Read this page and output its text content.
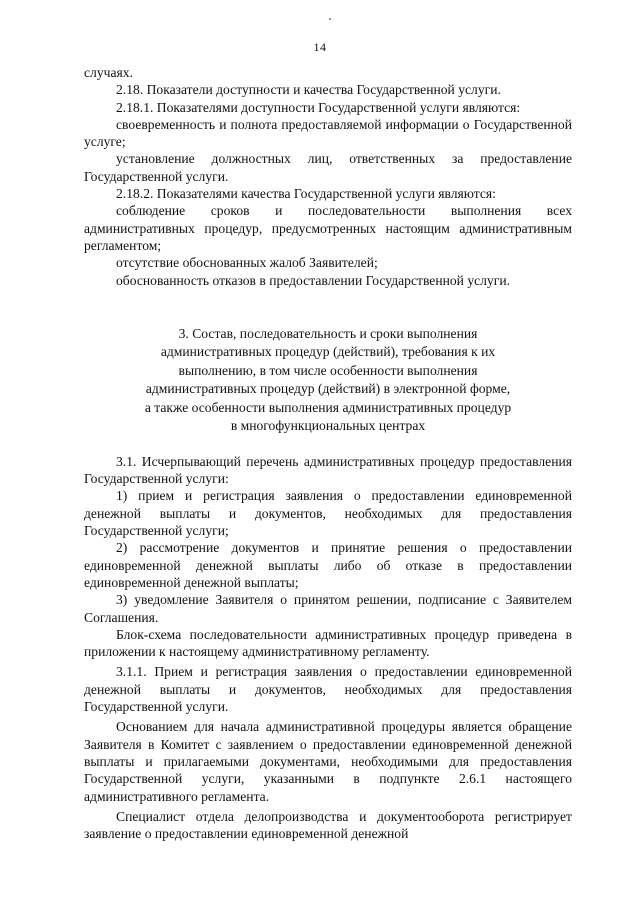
14

случаях.

2.18. Показатели доступности и качества Государственной услуги.

2.18.1. Показателями доступности Государственной услуги являются:

своевременность и полнота предоставляемой информации о Государственной услуге;

установление должностных лиц, ответственных за предоставление Государственной услуги.

2.18.2. Показателями качества Государственной услуги являются:

соблюдение сроков и последовательности выполнения всех административных процедур, предусмотренных настоящим административным регламентом;

отсутствие обоснованных жалоб Заявителей;

обоснованность отказов в предоставлении Государственной услуги.

3. Состав, последовательность и сроки выполнения
административных процедур (действий), требования к их
выполнению, в том числе особенности выполнения
административных процедур (действий) в электронной форме,
а также особенности выполнения административных процедур
в многофункциональных центрах

3.1. Исчерпывающий перечень административных процедур предоставления Государственной услуги:

1) прием и регистрация заявления о предоставлении единовременной денежной выплаты и документов, необходимых для предоставления Государственной услуги;

2) рассмотрение документов и принятие решения о предоставлении единовременной денежной выплаты либо об отказе в предоставлении единовременной денежной выплаты;

3) уведомление Заявителя о принятом решении, подписание с Заявителем Соглашения.

Блок-схема последовательности административных процедур приведена в приложении к настоящему административному регламенту.

3.1.1. Прием и регистрация заявления о предоставлении единовременной денежной выплаты и документов, необходимых для предоставления Государственной услуги.

Основанием для начала административной процедуры является обращение Заявителя в Комитет с заявлением о предоставлении единовременной денежной выплаты и прилагаемыми документами, необходимыми для предоставления Государственной услуги, указанными в подпункте 2.6.1 настоящего административного регламента.

Специалист отдела делопроизводства и документооборота регистрирует заявление о предоставлении единовременной денежной
